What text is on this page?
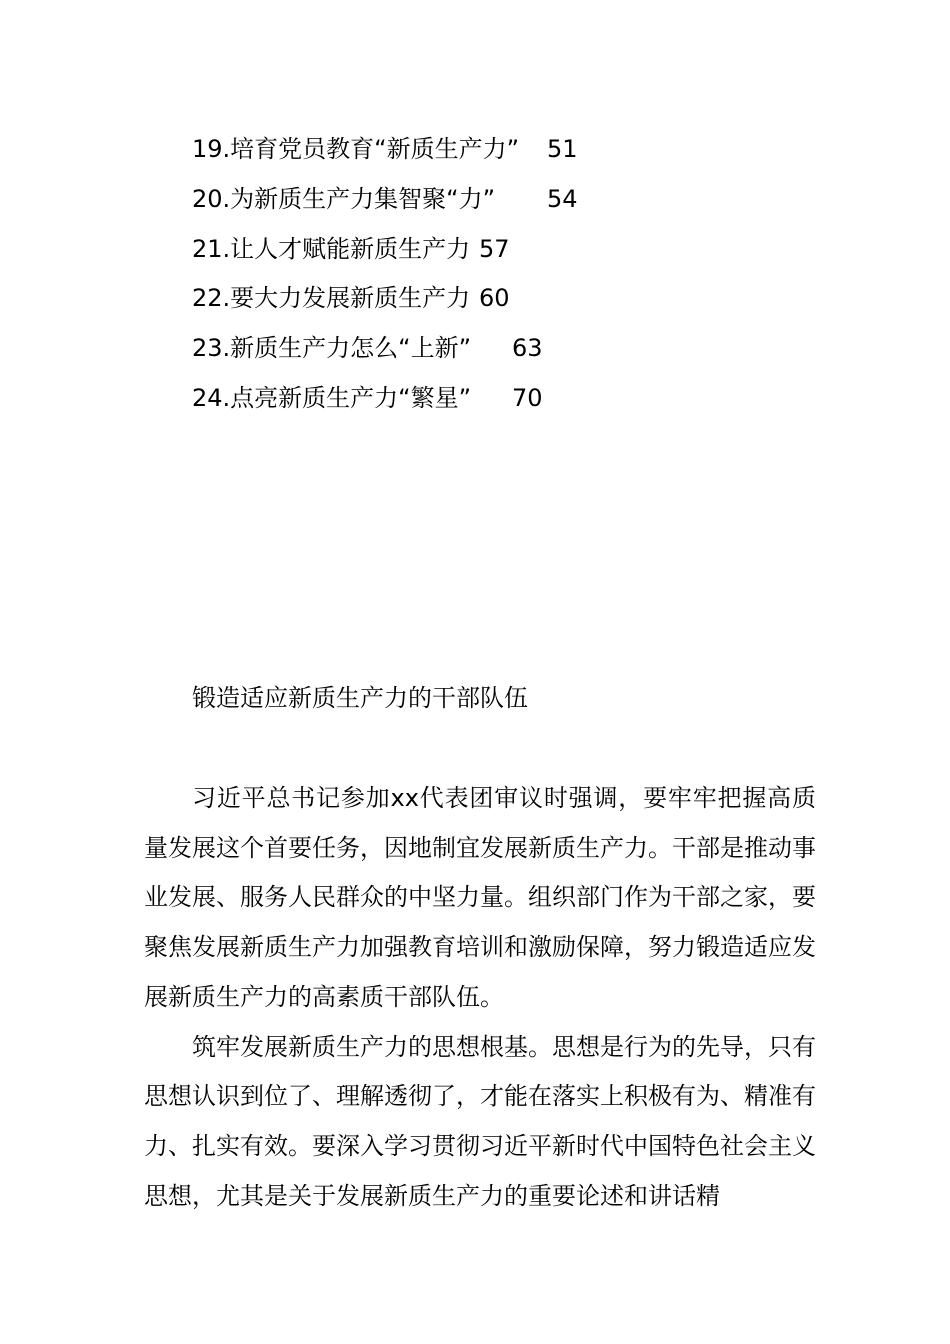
19.培育党员教育“新质生产力” 51
20.为新质生产力集智聚“力” 54
21.让人才赋能新质生产力 57
22.要大力发展新质生产力 60
23.新质生产力怎么“上新” 63
24.点亮新质生产力“繁星” 70
锻造适应新质生产力的干部队伍

习近平总书记参加xx代表团审议时强调，要牢牢把握高质量发展这个首要任务，因地制宜发展新质生产力。干部是推动事业发展、服务人民群众的中坚力量。组织部门作为干部之家，要聚焦发展新质生产力加强教育培训和激励保障，努力锻造适应发展新质生产力的高素质干部队伍。

筑牢发展新质生产力的思想根基。思想是行为的先导，只有思想认识到位了、理解透彻了，才能在落实上积极有为、精准有力、扎实有效。要深入学习贯彻习近平新时代中国特色社会主义思想，尤其是关于发展新质生产力的重要论述和讲话精
